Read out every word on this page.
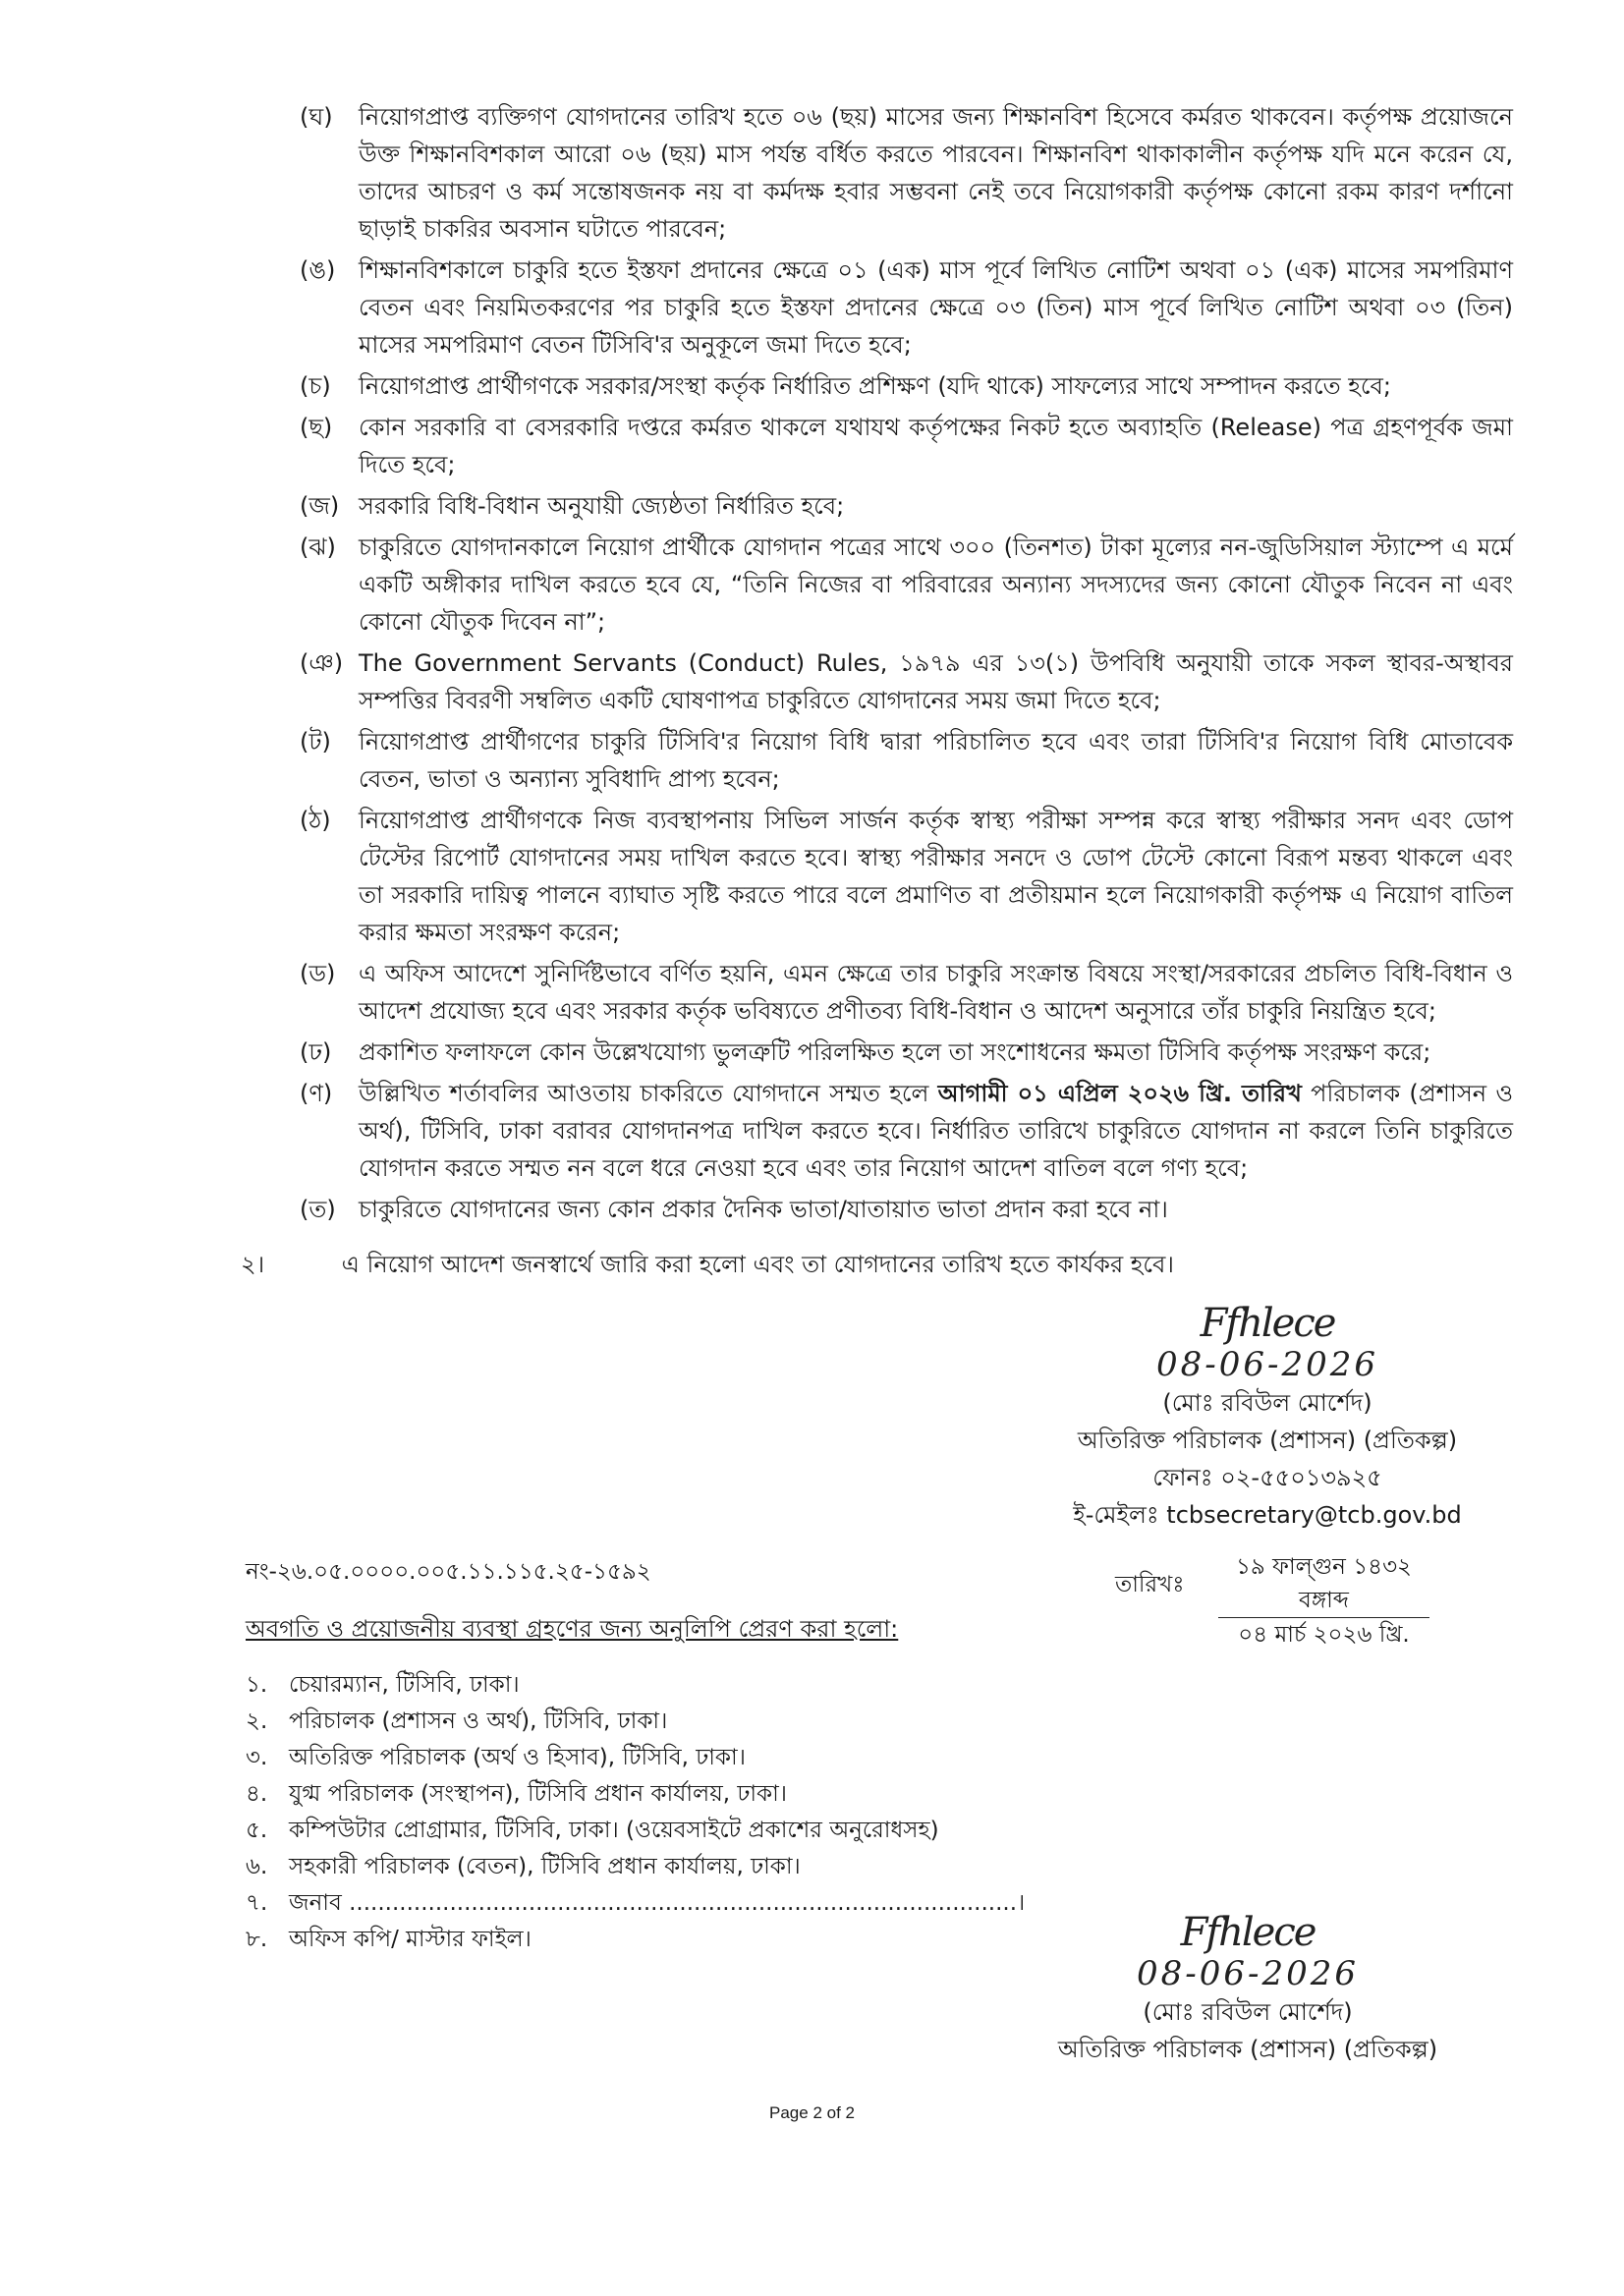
(ঘ)	নিয়োগপ্রাপ্ত ব্যক্তিগণ যোগদানের তারিখ হতে ০৬ (ছয়) মাসের জন্য শিক্ষানবিশ হিসেবে কর্মরত থাকবেন। কর্তৃপক্ষ প্রয়োজনে উক্ত শিক্ষানবিশকাল আরো ০৬ (ছয়) মাস পর্যন্ত বর্ধিত করতে পারবেন। শিক্ষানবিশ থাকাকালীন কর্তৃপক্ষ যদি মনে করেন যে, তাদের আচরণ ও কর্ম সন্তোষজনক নয় বা কর্মদক্ষ হবার সম্ভবনা নেই তবে নিয়োগকারী কর্তৃপক্ষ কোনো রকম কারণ দর্শানো ছাড়াই চাকরির অবসান ঘটাতে পারবেন;
(ঙ) শিক্ষানবিশকালে চাকুরি হতে ইস্তফা প্রদানের ক্ষেত্রে ০১ (এক) মাস পূর্বে লিখিত নোটিশ অথবা ০১ (এক) মাসের সমপরিমাণ বেতন এবং নিয়মিতকরণের পর চাকুরি হতে ইস্তফা প্রদানের ক্ষেত্রে ০৩ (তিন) মাস পূর্বে লিখিত নোটিশ অথবা ০৩ (তিন) মাসের সমপরিমাণ বেতন টিসিবি'র অনুকূলে জমা দিতে হবে;
(চ)	নিয়োগপ্রাপ্ত প্রার্থীগণকে সরকার/সংস্থা কর্তৃক নির্ধারিত প্রশিক্ষণ (যদি থাকে) সাফল্যের সাথে সম্পাদন করতে হবে;
(ছ)	কোন সরকারি বা বেসরকারি দপ্তরে কর্মরত থাকলে যথাযথ কর্তৃপক্ষের নিকট হতে অব্যাহতি (Release) পত্র গ্রহণপূর্বক জমা দিতে হবে;
(জ) সরকারি বিধি-বিধান অনুযায়ী জ্যেষ্ঠতা নির্ধারিত হবে;
(ঝ) চাকুরিতে যোগদানকালে নিয়োগ প্রার্থীকে যোগদান পত্রের সাথে ৩০০ (তিনশত) টাকা মূল্যের নন-জুডিসিয়াল স্ট্যাম্পে এ মর্মে একটি অঙ্গীকার দাখিল করতে হবে যে, “তিনি নিজের বা পরিবারের অন্যান্য সদস্যদের জন্য কোনো যৌতুক নিবেন না এবং কোনো যৌতুক দিবেন না”;
(ঞ) The Government Servants (Conduct) Rules, ১৯৭৯ এর ১৩(১) উপবিধি অনুযায়ী তাকে সকল স্থাবর-অস্থাবর সম্পত্তির বিবরণী সম্বলিত একটি ঘোষণাপত্র চাকুরিতে যোগদানের সময় জমা দিতে হবে;
(ট)	নিয়োগপ্রাপ্ত প্রার্থীগণের চাকুরি টিসিবি'র নিয়োগ বিধি দ্বারা পরিচালিত হবে এবং তারা টিসিবি'র নিয়োগ বিধি মোতাবেক বেতন, ভাতা ও অন্যান্য সুবিধাদি প্রাপ্য হবেন;
(ঠ)	নিয়োগপ্রাপ্ত প্রার্থীগণকে নিজ ব্যবস্থাপনায় সিভিল সার্জন কর্তৃক স্বাস্থ্য পরীক্ষা সম্পন্ন করে স্বাস্থ্য পরীক্ষার সনদ এবং ডোপ টেস্টের রিপোর্ট যোগদানের সময় দাখিল করতে হবে। স্বাস্থ্য পরীক্ষার সনদে ও ডোপ টেস্টে কোনো বিরূপ মন্তব্য থাকলে এবং তা সরকারি দায়িত্ব পালনে ব্যাঘাত সৃষ্টি করতে পারে বলে প্রমাণিত বা প্রতীয়মান হলে নিয়োগকারী কর্তৃপক্ষ এ নিয়োগ বাতিল করার ক্ষমতা সংরক্ষণ করেন;
(ড) এ অফিস আদেশে সুনির্দিষ্টভাবে বর্ণিত হয়নি, এমন ক্ষেত্রে তার চাকুরি সংক্রান্ত বিষয়ে সংস্থা/সরকারের প্রচলিত বিধি-বিধান ও আদেশ প্রযোজ্য হবে এবং সরকার কর্তৃক ভবিষ্যতে প্রণীতব্য বিধি-বিধান ও আদেশ অনুসারে তাঁর চাকুরি নিয়ন্ত্রিত হবে;
(ঢ)	প্রকাশিত ফলাফলে কোন উল্লেখযোগ্য ভুলত্রুটি পরিলক্ষিত হলে তা সংশোধনের ক্ষমতা টিসিবি কর্তৃপক্ষ সংরক্ষণ করে;
(ণ)	উল্লিখিত শর্তাবলির আওতায় চাকরিতে যোগদানে সম্মত হলে আগামী ০১ এপ্রিল ২০২৬ খ্রি. তারিখ পরিচালক (প্রশাসন ও অর্থ), টিসিবি, ঢাকা বরাবর যোগদানপত্র দাখিল করতে হবে। নির্ধারিত তারিখে চাকুরিতে যোগদান না করলে তিনি চাকুরিতে যোগদান করতে সম্মত নন বলে ধরে নেওয়া হবে এবং তার নিয়োগ আদেশ বাতিল বলে গণ্য হবে;
(ত) চাকুরিতে যোগদানের জন্য কোন প্রকার দৈনিক ভাতা/যাতায়াত ভাতা প্রদান করা হবে না।
২।	এ নিয়োগ আদেশ জনস্বার্থে জারি করা হলো এবং তা যোগদানের তারিখ হতে কার্যকর হবে।
Ffhlece
08-06-2026
(মোঃ রবিউল মোর্শেদ)
অতিরিক্ত পরিচালক (প্রশাসন) (প্রতিকল্প)
ফোনঃ ০২-৫৫০১৩৯২৫
ই-মেইলঃ tcbsecretary@tcb.gov.bd
নং-২৬.০৫.০০০০.০০৫.১১.১১৫.২৫-১৫৯২	তারিখঃ
১৯ ফাল্গুন ১৪৩২ বঙ্গাব্দ
০৪ মার্চ ২০২৬ খ্রি.
অবগতি ও প্রয়োজনীয় ব্যবস্থা গ্রহণের জন্য অনুলিপি প্রেরণ করা হলো:
১. চেয়ারম্যান, টিসিবি, ঢাকা।
২. পরিচালক (প্রশাসন ও অর্থ), টিসিবি, ঢাকা।
৩. অতিরিক্ত পরিচালক (অর্থ ও হিসাব), টিসিবি, ঢাকা।
৪. যুগ্ম পরিচালক (সংস্থাপন), টিসিবি প্রধান কার্যালয়, ঢাকা।
৫. কম্পিউটার প্রোগ্রামার, টিসিবি, ঢাকা। (ওয়েবসাইটে প্রকাশের অনুরোধসহ)
৬. সহকারী পরিচালক (বেতন), টিসিবি প্রধান কার্যালয়, ঢাকা।
৭. জনাব .............................................................................................।
৮. অফিস কপি/ মাস্টার ফাইল।	Ffhlece
08-06-2026
(মোঃ রবিউল মোর্শেদ)
অতিরিক্ত পরিচালক (প্রশাসন) (প্রতিকল্প)
Page 2 of 2
